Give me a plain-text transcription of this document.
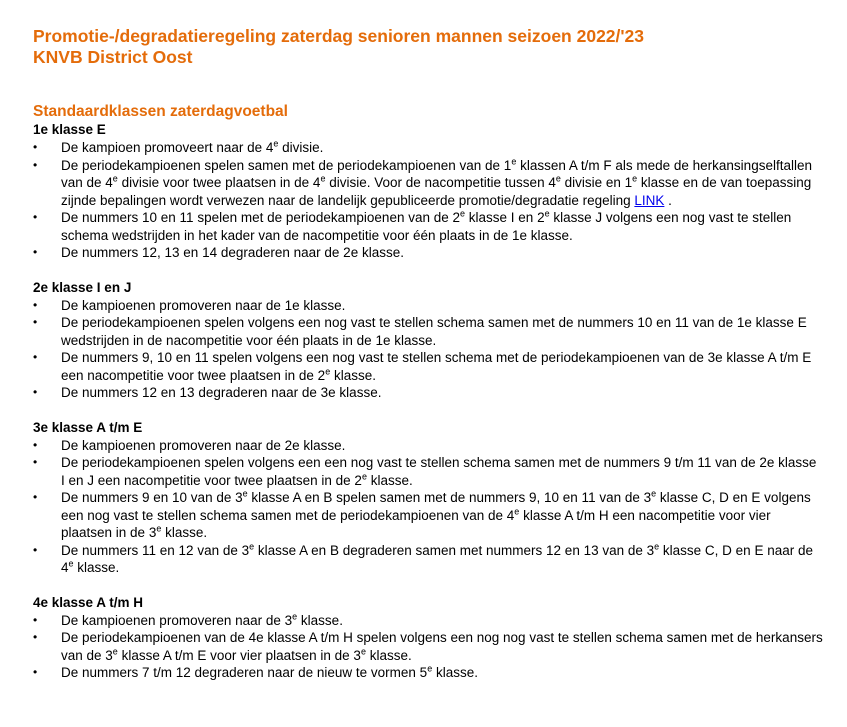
Promotie-/degradatieregeling zaterdag senioren mannen seizoen 2022/'23
KNVB District Oost
Standaardklassen zaterdagvoetbal
1e klasse E
• De kampioen promoveert naar de 4e divisie.
• De periodekampioenen spelen samen met de periodekampioenen van de 1e klassen A t/m F als mede de herkansingselftallen van de 4e divisie voor twee plaatsen in de 4e divisie. Voor de nacompetitie tussen 4e divisie en 1e klasse en de van toepassing zijnde bepalingen wordt verwezen naar de landelijk gepubliceerde promotie/degradatie regeling LINK .
• De nummers 10 en 11 spelen met de periodekampioenen van de 2e klasse I en 2e klasse J volgens een nog vast te stellen schema wedstrijden in het kader van de nacompetitie voor één plaats in de 1e klasse.
• De nummers 12, 13 en 14 degraderen naar de 2e klasse.
2e klasse I en J
• De kampioenen promoveren naar de 1e klasse.
• De periodekampioenen spelen volgens een nog vast te stellen schema samen met de nummers 10 en 11 van de 1e klasse E wedstrijden in de nacompetitie voor één plaats in de 1e klasse.
• De nummers 9, 10 en 11 spelen volgens een nog vast te stellen schema met de periodekampioenen van de 3e klasse A t/m E een nacompetitie voor twee plaatsen in de 2e klasse.
• De nummers 12 en 13 degraderen naar de 3e klasse.
3e klasse A t/m E
• De kampioenen promoveren naar de 2e klasse.
• De periodekampioenen spelen volgens een een nog vast te stellen schema samen met de nummers 9 t/m 11 van de 2e klasse I en J een nacompetitie voor twee plaatsen in de 2e klasse.
• De nummers 9 en 10 van de 3e klasse A en B spelen samen met de nummers 9, 10 en 11 van de 3e klasse C, D en E volgens een nog vast te stellen schema samen met de periodekampioenen van de 4e klasse A t/m H een nacompetitie voor vier plaatsen in de 3e klasse.
• De nummers 11 en 12 van de 3e klasse A en B degraderen samen met nummers 12 en 13 van de 3e klasse C, D en E naar de 4e klasse.
4e klasse A t/m H
• De kampioenen promoveren naar de 3e klasse.
• De periodekampioenen van de 4e klasse A t/m H spelen volgens een nog nog vast te stellen schema samen met de herkansers van de 3e klasse A t/m E voor vier plaatsen in de 3e klasse.
• De nummers 7 t/m 12 degraderen naar de nieuw te vormen 5e klasse.
